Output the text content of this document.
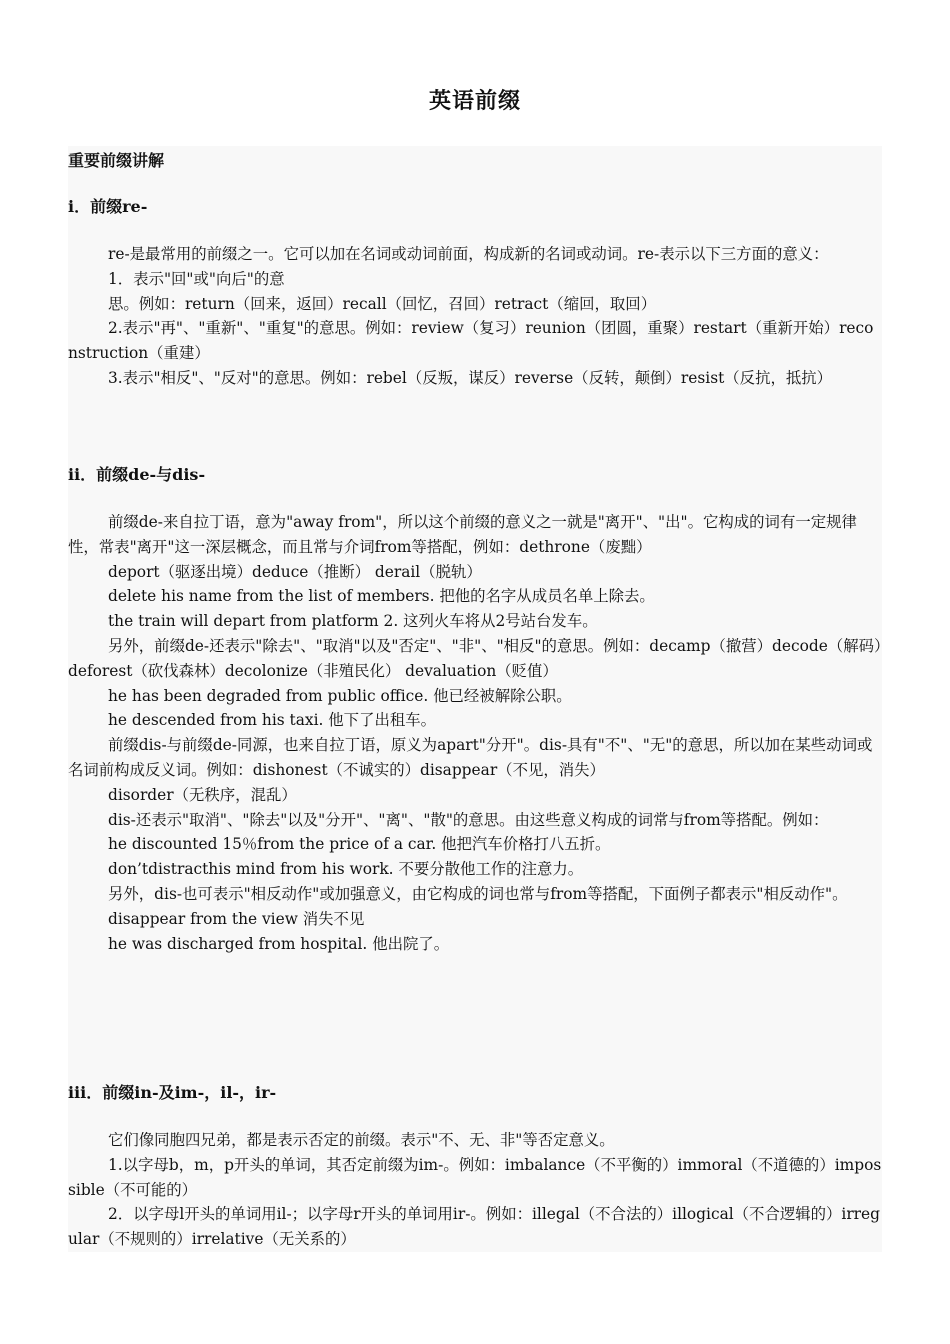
英语前缀
重要前缀讲解
ⅰ．前缀re-

re-是最常用的前缀之一。它可以加在名词或动词前面，构成新的名词或动词。re-表示以下三方面的意义：

1．表示"回"或"向后"的意

思。例如：return（回来，返回）recall（回忆，召回）retract（缩回，取回）

2.表示"再"、"重新"、"重复"的意思。例如：review（复习）reunion（团圆，重聚）restart（重新开始）reconstruction（重建）

3.表示"相反"、"反对"的意思。例如：rebel（反叛，谋反）reverse（反转，颠倒）resist（反抗，抵抗）

ⅱ．前缀de-与dis-

前缀de-来自拉丁语，意为"away from"，所以这个前缀的意义之一就是"离开"、"出"。它构成的词有一定规律性，常表"离开"这一深层概念，而且常与介词from等搭配，例如：dethrone（废黜）

deport（驱逐出境）deduce（推断） derail（脱轨）

delete his name from the list of members. 把他的名字从成员名单上除去。

the train will depart from platform 2. 这列火车将从2号站台发车。

另外，前缀de-还表示"除去"、"取消"以及"否定"、"非"、"相反"的意思。例如：decamp（撤营）decode（解码）deforest（砍伐森林）decolonize（非殖民化） devaluation（贬值）

he has been degraded from public office. 他已经被解除公职。

he descended from his taxi. 他下了出租车。

前缀dis-与前缀de-同源，也来自拉丁语，原义为apart"分开"。dis-具有"不"、"无"的意思，所以加在某些动词或名词前构成反义词。例如：dishonest（不诚实的）disappear（不见，消失）

disorder（无秩序，混乱）

dis-还表示"取消"、"除去"以及"分开"、"离"、"散"的意思。由这些意义构成的词常与from等搭配。例如：

he discounted 15％from the price of a car. 他把汽车价格打八五折。

don’tdistracthis mind from his work. 不要分散他工作的注意力。

另外，dis-也可表示"相反动作"或加强意义，由它构成的词也常与from等搭配，下面例子都表示"相反动作"。

disappear from the view 消失不见

he was discharged from hospital. 他出院了。

ⅲ．前缀in-及im-，il-，ir-

它们像同胞四兄弟，都是表示否定的前缀。表示"不、无、非"等否定意义。

1.以字母b，m，p开头的单词，其否定前缀为im-。例如：imbalance（不平衡的）immoral（不道德的）impossible（不可能的）

2．以字母l开头的单词用il-；以字母r开头的单词用ir-。例如：illegal（不合法的）illogical（不合逻辑的）irregular（不规则的）irrelative（无关系的）
